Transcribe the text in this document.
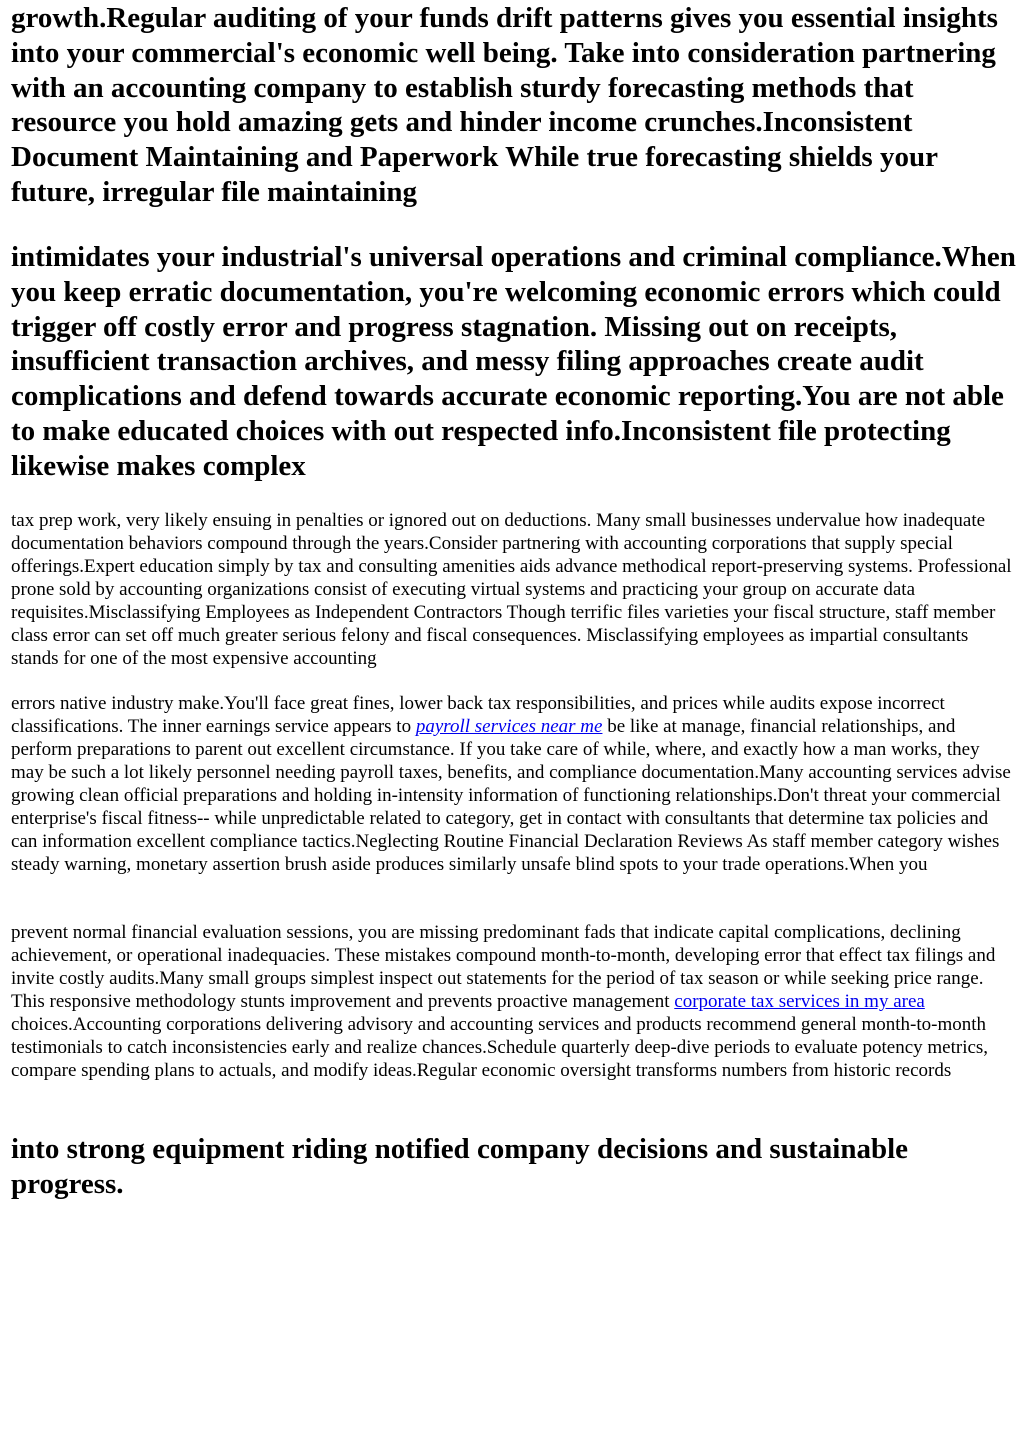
growth.Regular auditing of your funds drift patterns gives you essential insights into your commercial's economic well being. Take into consideration partnering with an accounting company to establish sturdy forecasting methods that resource you hold amazing gets and hinder income crunches.Inconsistent Document Maintaining and Paperwork While true forecasting shields your future, irregular file maintaining
intimidates your industrial's universal operations and criminal compliance.When you keep erratic documentation, you're welcoming economic errors which could trigger off costly error and progress stagnation. Missing out on receipts, insufficient transaction archives, and messy filing approaches create audit complications and defend towards accurate economic reporting.You are not able to make educated choices with out respected info.Inconsistent file protecting likewise makes complex

tax prep work, very likely ensuing in penalties or ignored out on deductions. Many small businesses undervalue how inadequate documentation behaviors compound through the years.Consider partnering with accounting corporations that supply special offerings.Expert education simply by tax and consulting amenities aids advance methodical report-preserving systems. Professional prone sold by accounting organizations consist of executing virtual systems and practicing your group on accurate data requisites.Misclassifying Employees as Independent Contractors Though terrific files varieties your fiscal structure, staff member class error can set off much greater serious felony and fiscal consequences. Misclassifying employees as impartial consultants stands for one of the most expensive accounting

errors native industry make.You'll face great fines, lower back tax responsibilities, and prices while audits expose incorrect classifications. The inner earnings service appears to payroll services near me be like at manage, financial relationships, and perform preparations to parent out excellent circumstance. If you take care of while, where, and exactly how a man works, they may be such a lot likely personnel needing payroll taxes, benefits, and compliance documentation.Many accounting services advise growing clean official preparations and holding in-intensity information of functioning relationships.Don't threat your commercial enterprise's fiscal fitness-- while unpredictable related to category, get in contact with consultants that determine tax policies and can information excellent compliance tactics.Neglecting Routine Financial Declaration Reviews As staff member category wishes steady warning, monetary assertion brush aside produces similarly unsafe blind spots to your trade operations.When you

prevent normal financial evaluation sessions, you are missing predominant fads that indicate capital complications, declining achievement, or operational inadequacies. These mistakes compound month-to-month, developing error that effect tax filings and invite costly audits.Many small groups simplest inspect out statements for the period of tax season or while seeking price range. This responsive methodology stunts improvement and prevents proactive management corporate tax services in my area choices.Accounting corporations delivering advisory and accounting services and products recommend general month-to-month testimonials to catch inconsistencies early and realize chances.Schedule quarterly deep-dive periods to evaluate potency metrics, compare spending plans to actuals, and modify ideas.Regular economic oversight transforms numbers from historic records

into strong equipment riding notified company decisions and sustainable progress.
